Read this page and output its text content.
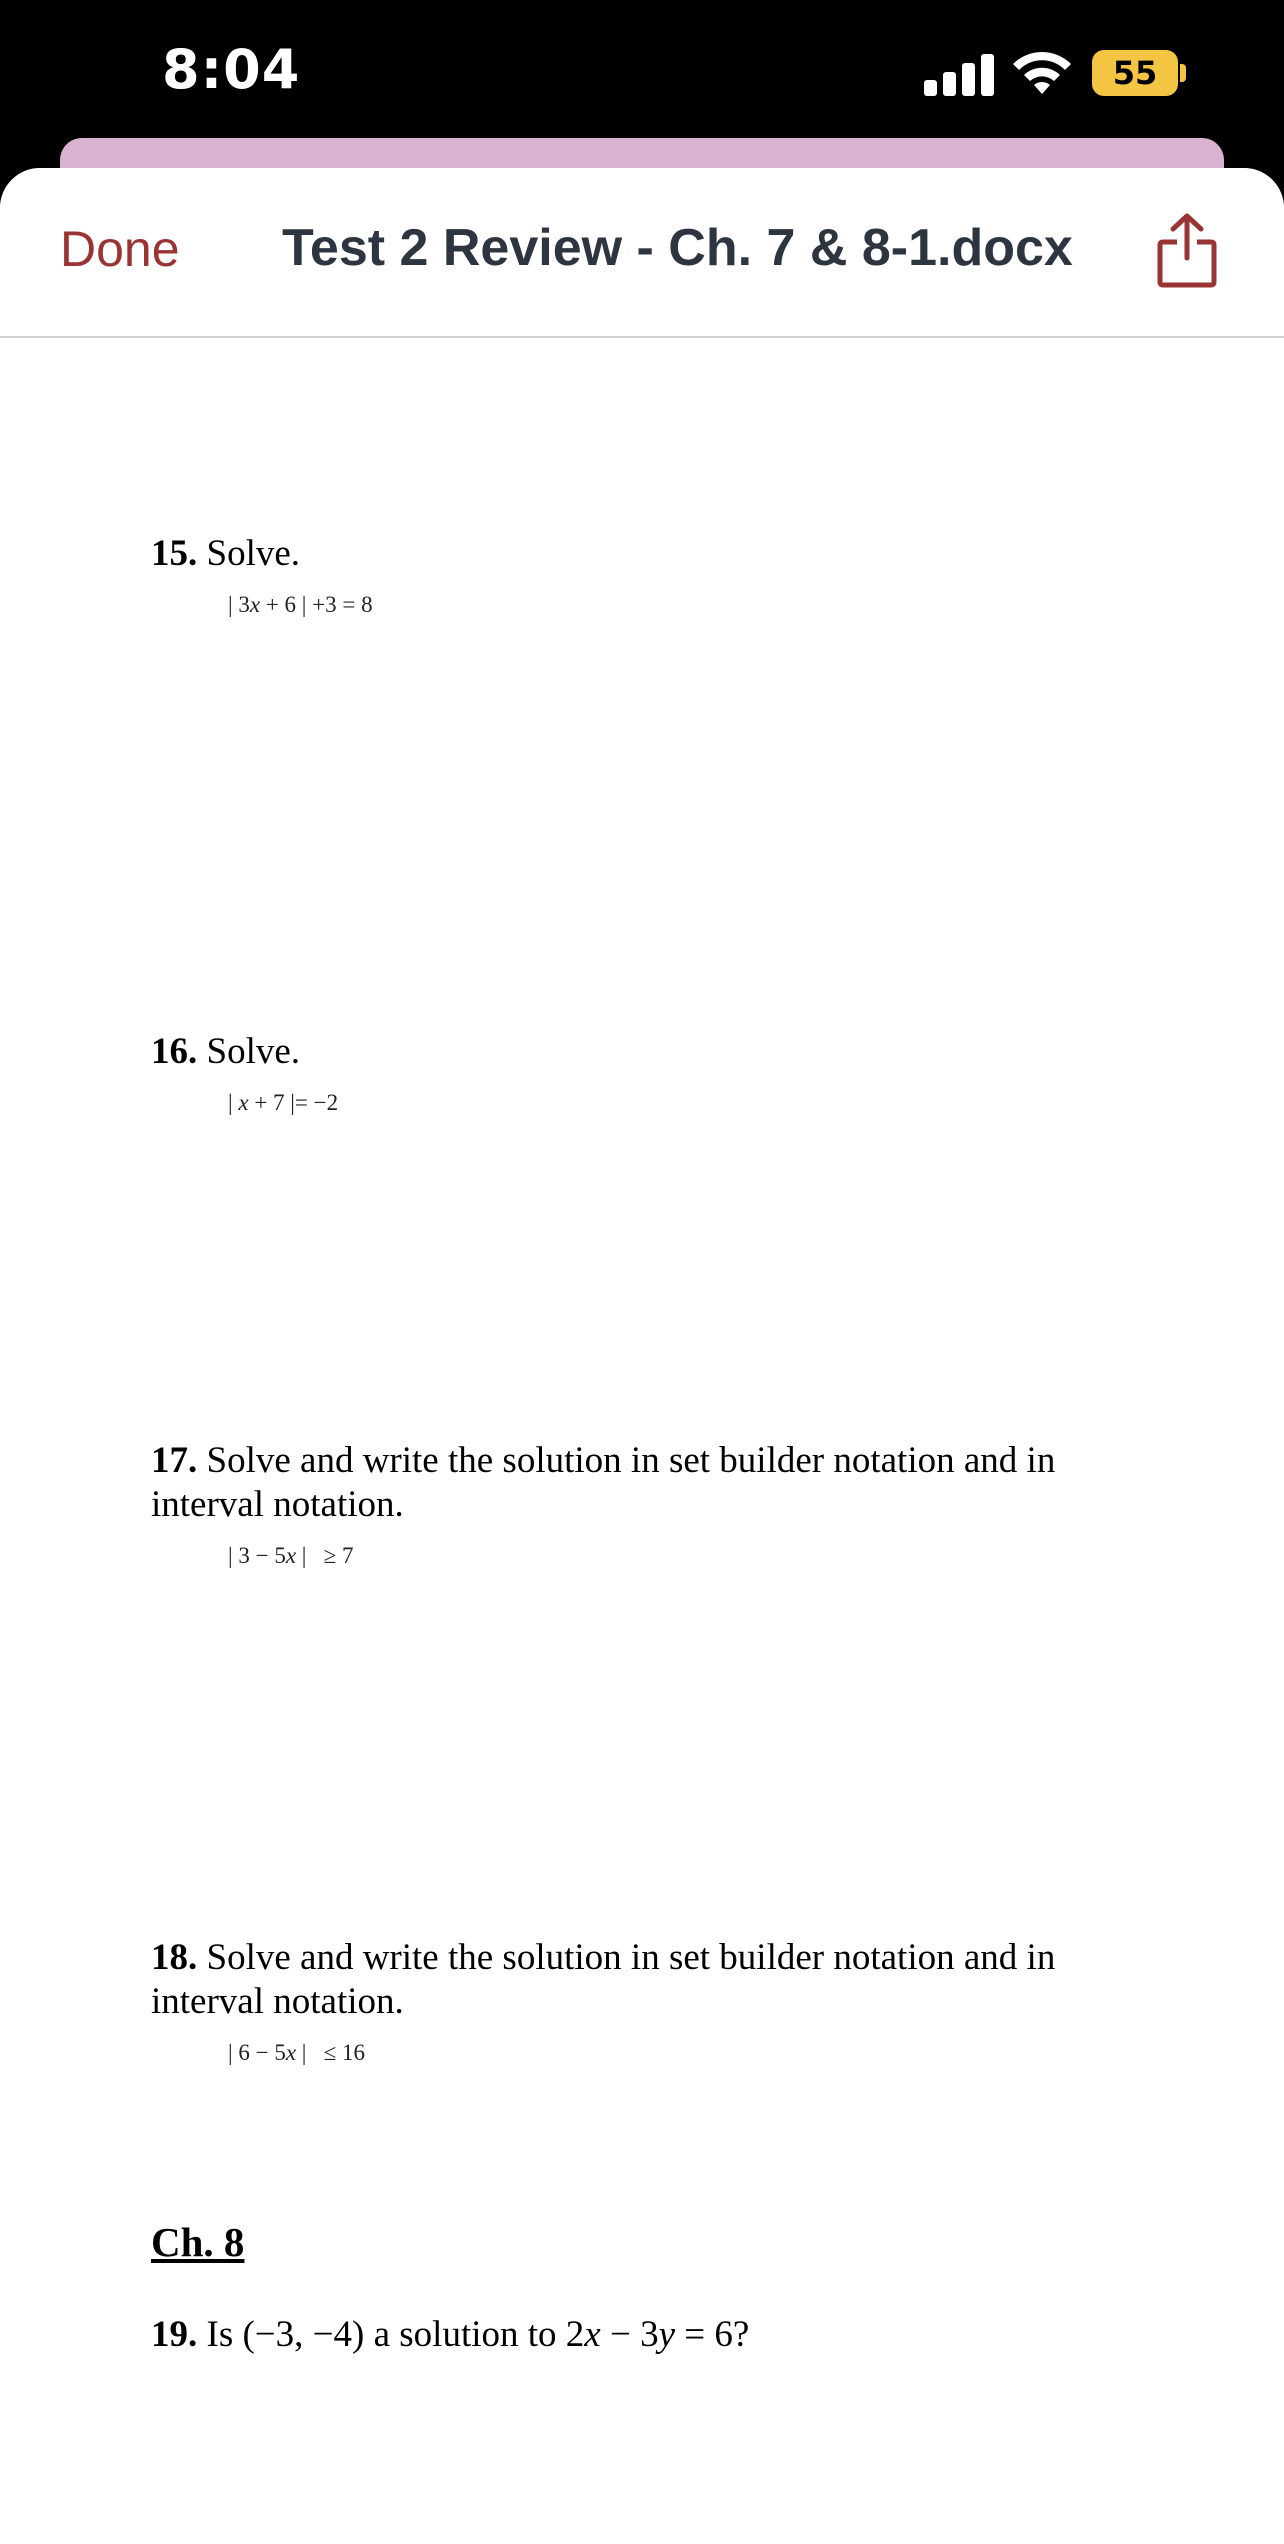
8:04	55
Done Test 2 Review - Ch. 7 & 8-1.docx
15. Solve.
| 3x + 6 | +3 = 8
16. Solve.
| x + 7 |= −2
17. Solve and write the solution in set builder notation and in interval notation.
| 3 − 5x |   ≥ 7
18. Solve and write the solution in set builder notation and in interval notation.
| 6 − 5x |   ≤ 16
Ch. 8
19. Is (−3, −4) a solution to 2x − 3y = 6?
